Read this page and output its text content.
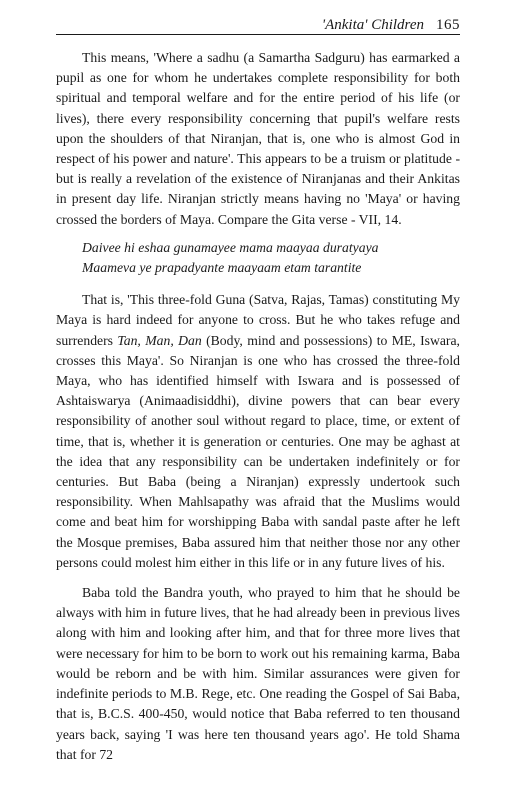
'Ankita' Children 165

This means, 'Where a sadhu (a Samartha Sadguru) has earmarked a pupil as one for whom he undertakes complete responsibility for both spiritual and temporal welfare and for the entire period of his life (or lives), there every responsibility concerning that pupil's welfare rests upon the shoulders of that Niranjan, that is, one who is almost God in respect of his power and nature'. This appears to be a truism or platitude - but is really a revelation of the existence of Niranjanas and their Ankitas in present day life. Niranjan strictly means having no 'Maya' or having crossed the borders of Maya. Compare the Gita verse - VII, 14.

Daivee hi eshaa gunamayee mama maayaa duratyaya
Maameva ye prapadyante maayaam etam tarantite

That is, 'This three-fold Guna (Satva, Rajas, Tamas) constituting My Maya is hard indeed for anyone to cross. But he who takes refuge and surrenders Tan, Man, Dan (Body, mind and possessions) to ME, Iswara, crosses this Maya'. So Niranjan is one who has crossed the three-fold Maya, who has identified himself with Iswara and is possessed of Ashtaiswarya (Animaadisiddhi), divine powers that can bear every responsibility of another soul without regard to place, time, or extent of time, that is, whether it is generation or centuries. One may be aghast at the idea that any responsibility can be undertaken indefinitely or for centuries. But Baba (being a Niranjan) expressly undertook such responsibility. When Mahlsapathy was afraid that the Muslims would come and beat him for worshipping Baba with sandal paste after he left the Mosque premises, Baba assured him that neither those nor any other persons could molest him either in this life or in any future lives of his.

Baba told the Bandra youth, who prayed to him that he should be always with him in future lives, that he had already been in previous lives along with him and looking after him, and that for three more lives that were necessary for him to be born to work out his remaining karma, Baba would be reborn and be with him. Similar assurances were given for indefinite periods to M.B. Rege, etc. One reading the Gospel of Sai Baba, that is, B.C.S. 400-450, would notice that Baba referred to ten thousand years back, saying 'I was here ten thousand years ago'. He told Shama that for 72
